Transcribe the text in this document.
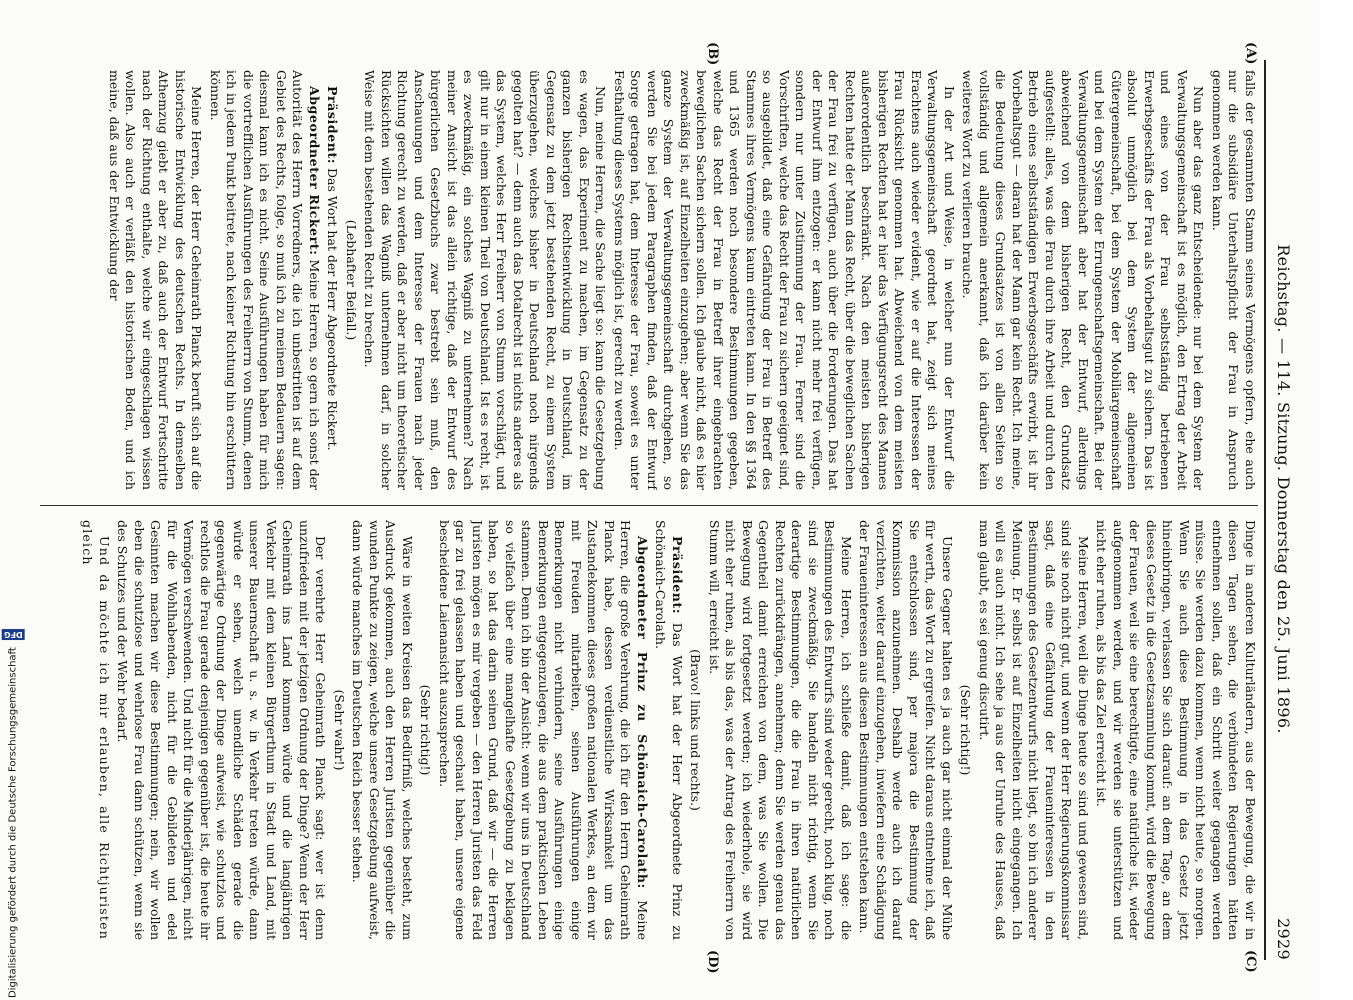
Reichstag. — 114. Sitzung. Donnerstag den 25. Juni 1896.
2929
(A)
(B)
(C)
(D)

falls der gesammten Stamm seines Vermögens opfern, ehe auch nur die subsidiäre Unterhaltspflicht der Frau in Anspruch genommen werden kann.

Nun aber das ganz Entscheidende: nur bei dem System der Verwaltungsgemeinschaft ist es möglich, den Ertrag der Arbeit und eines von der Frau selbstständig betriebenen Erwerbsgeschäfts der Frau als Vorbehaltsgut zu sichern. Das ist absolut unmöglich bei dem System der allgemeinen Gütergemeinschaft, bei dem System der Mobiliargemeinschaft und bei dem System der Errungenschaftsgemeinschaft. Bei der Verwaltungsgemeinschaft aber hat der Entwurf, allerdings abweichend von dem bisherigen Recht, den Grundsatz aufgestellt: alles, was die Frau durch ihre Arbeit und durch den Betrieb eines selbstständigen Erwerbsgeschäfts erwirbt, ist ihr Vorbehaltsgut — daran hat der Mann gar kein Recht. Ich meine, die Bedeutung dieses Grundsatzes ist von allen Seiten so vollständig und allgemein anerkannt, daß ich darüber kein weiteres Wort zu verlieren brauche.

In der Art und Weise, in welcher nun der Entwurf die Verwaltungsgemeinschaft geordnet hat, zeigt sich meines Erachtens auch wieder evident, wie er auf die Interessen der Frau Rücksicht genommen hat. Abweichend von dem meisten bisherigen Rechten hat er hier das Verfügungsrecht des Mannes außerordentlich beschränkt. Nach den meisten bisherigen Rechten hatte der Mann das Recht, über die beweglichen Sachen der Frau frei zu verfügen, auch über die Forderungen. Das hat der Entwurf ihm entzogen: er kann nicht mehr frei verfügen, sondern nur unter Zustimmung der Frau. Ferner sind die Vorschriften, welche das Recht der Frau zu sichern geeignet sind, so ausgebildet, daß eine Gefährdung der Frau in Betreff des Stammes ihres Vermögens kaum eintreten kann. In den §§ 1364 und 1365 werden noch besondere Bestimmungen gegeben, welche das Recht der Frau in Betreff ihrer eingebrachten beweglichen Sachen sichern sollen. Ich glaube nicht, daß es hier zweckmäßig ist, auf Einzelheiten einzugehen; aber wenn Sie das ganze System der Verwaltungsgemeinschaft durchgehen, so werden Sie bei jedem Paragraphen finden, daß der Entwurf Sorge getragen hat, dem Interesse der Frau, soweit es unter Festhaltung dieses Systems möglich ist, gerecht zu werden.

Nun, meine Herren, die Sache liegt so: kann die Gesetzgebung es wagen, das Experiment zu machen, im Gegensatz zu der ganzen bisherigen Rechtsentwicklung in Deutschland, im Gegensatz zu dem jetzt bestehenden Recht, zu einem System überzugehen, welches bisher in Deutschland noch nirgends gegolten hat? — denn auch das Dotalrecht ist nichts anderes als das System, welches Herr Freiherr von Stumm vorschlägt, und gilt nur in einem kleinen Theil von Deutschland. Ist es recht, ist es zweckmäßig, ein solches Wagniß zu unternehmen? Nach meiner Ansicht ist das allein richtige, daß der Entwurf des bürgerlichen Gesetzbuchs zwar bestrebt sein muß, den Anschauungen und dem Interesse der Frauen nach jeder Richtung gerecht zu werden, daß er aber nicht um theoretischer Rücksichten willen das Wagniß unternehmen darf, in solcher Weise mit dem bestehenden Recht zu brechen.

(Lebhafter Beifall.)

Präsident: Das Wort hat der Herr Abgeordnete Rickert.

Abgeordneter Rickert: Meine Herren, so gern ich sonst der Autorität des Herrn Vorredners, die ich unbestritten ist auf dem Gebiet des Rechts, folge, so muß ich zu meinem Bedauern sagen: diesmal kann ich es nicht. Seine Ausführungen haben für mich die vortrefflichen Ausführungen des Freiherrn von Stumm, denen ich in jedem Punkt beitrete, nach keiner Richtung hin erschüttern können.

Meine Herren, der Herr Geheimrath Planck beruft sich auf die historische Entwicklung des deutschen Rechts. In demselben Athemzug giebt er aber zu, daß auch der Entwurf Fortschritte nach der Richtung enthalte, welche wir eingeschlagen wissen wollen. Also auch er verläßt den historischen Boden, und ich meine, daß aus der Entwicklung der

Dinge in anderen Kulturländern, aus der Bewegung, die wir in diesen Tagen sehen, die verbündeten Regierungen hätten entnehmen sollen, daß ein Schritt weiter gegangen werden müsse. Sie werden dazu kommen, wenn nicht heute, so morgen. Wenn Sie auch diese Bestimmung in das Gesetz jetzt hineinbringen, verlassen Sie sich darauf: an dem Tage, an dem dieses Gesetz in die Gesetzsammlung kommt, wird die Bewegung der Frauen, weil sie eine berechtigte, eine natürliche ist, wieder aufgenommen werden, und wir werden sie unterstützen und nicht eher ruhen, als bis das Ziel erreicht ist.

Meine Herren, weil die Dinge heute so sind und gewesen sind, sind sie noch nicht gut, und wenn der Herr Regierungskommissar sagt, daß eine Gefährdung der Fraueninteressen in den Bestimmungen des Gesetzentwurfs nicht liegt, so bin ich anderer Meinung. Er selbst ist auf Einzelheiten nicht eingegangen. Ich will es auch nicht. Ich sehe ja aus der Unruhe des Hauses, daß man glaubt, es sei genug discutirt.

(Sehr richtig!)

Unsere Gegner halten es ja auch gar nicht einmal der Mühe für werth, das Wort zu ergreifen. Nicht daraus entnehme ich, daß Sie entschlossen sind, per majora die Bestimmung der Kommission anzunehmen. Deshalb werde auch ich darauf verzichten, weiter darauf einzugehen, inwiefern eine Schädigung der Fraueninteressen aus diesen Bestimmungen entstehen kann.

Meine Herren, ich schließe damit, daß ich sage: die Bestimmungen des Entwurfs sind weder gerecht, noch klug, noch sind sie zweckmäßig. Sie handeln nicht richtig, wenn Sie derartige Bestimmungen, die die Frau in ihren natürlichen Rechten zurückdrängen, annehmen; denn Sie werden genau das Gegentheil damit erreichen von dem, was Sie wollen. Die Bewegung wird fortgesetzt werden; ich wiederhole, sie wird nicht eher ruhen, als bis das, was der Antrag des Freiherrn von Stumm will, erreicht ist.

(Bravo! links und rechts.)

Präsident: Das Wort hat der Herr Abgeordnete Prinz zu Schönaich-Carolath.

Abgeordneter Prinz zu Schönaich-Carolath: Meine Herren, die große Verehrung, die ich für den Herrn Geheimrath Planck habe, dessen verdienstliche Wirksamkeit um das Zustandekommen dieses großen nationalen Werkes, an dem wir mit Freuden mitarbeiten, seinen Ausführungen einige Bemerkungen nicht verhindern, seine Ausführungen einige Bemerkungen entgegenzulegen, die aus dem praktischen Leben stammen. Denn ich bin der Ansicht: wenn wir uns in Deutschland so vielfach über eine mangelhafte Gesetzgebung zu beklagen haben, so hat das darin seinen Grund, daß wir — die Herren Juristen mögen es mir vergeben — den Herren Juristen das Feld gar zu frei gelassen haben und geschaut haben, unsere eigene bescheidene Laienansicht auszusprechen.

(Sehr richtig!)

Wäre in weiten Kreisen das Bedürfniß, welches besteht, zum Ausdruck gekommen, auch den Herren Juristen gegenüber die wunden Punkte zu zeigen, welche unsere Gesetzgebung aufweist, dann würde manches im Deutschen Reich besser stehen.

(Sehr wahr!)

Der verehrte Herr Geheimrath Planck sagt: wer ist denn unzufrieden mit der jetzigen Ordnung der Dinge? Wenn der Herr Geheimrath ins Land kommen würde und die langjährigen Verkehr mit dem kleinen Bürgerthum in Stadt und Land, mit unserer Bauernschaft u. s. w. in Verkehr treten würde, dann würde er sehen, welch unendliche Schäden gerade die gegenwärtige Ordnung der Dinge aufweist, wie schutzlos und rechtlos die Frau gerade denjenigen gegenüber ist, die heute ihr Vermögen verschwenden. Und nicht für die Minderjährigen, nicht für die Wohlhabenden, nicht für die Gebildeten und edel Gesinnten machen wir diese Bestimmungen; nein, wir wollen eben die schutzlose und wehrlose Frau dann schützen, wenn sie des Schutzes und der Wehr bedarf.

Und da möchte ich mir erlauben, alle Richtjuristen gleich

Digitalisierung gefördert durch die Deutsche Forschungsgemeinschaft DFG
